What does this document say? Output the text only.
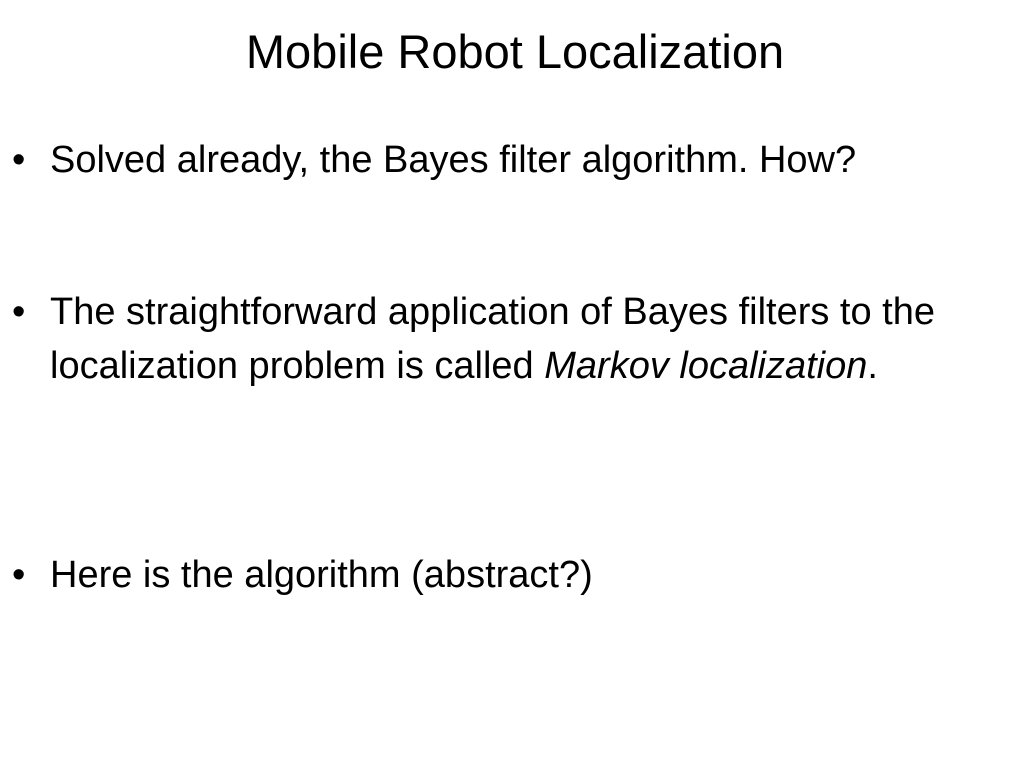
Mobile Robot Localization
• Solved already, the Bayes filter algorithm. How?
• The straightforward application of Bayes filters to the localization problem is called Markov localization.
• Here is the algorithm (abstract?)
